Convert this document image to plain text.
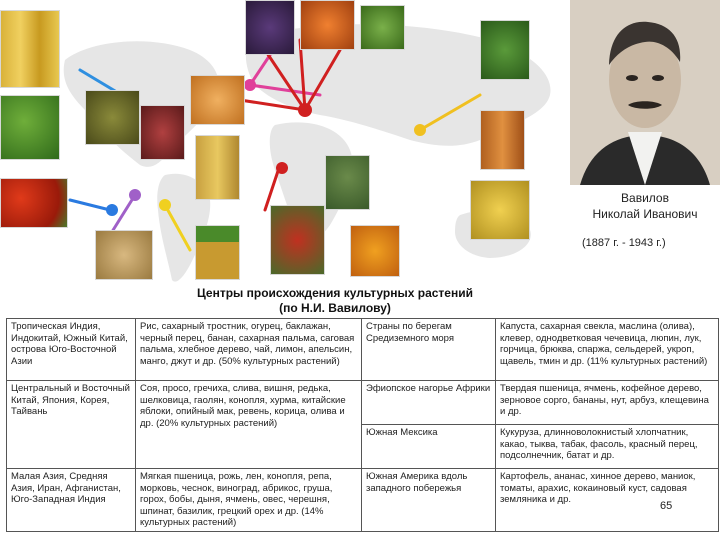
Вавилов
Николай Иванович
(1887 г. - 1943 г.)
Центры происхождения культурных растений
(по Н.И. Вавилову)
Тропическая Индия, Индокитай, Южный Китай, острова Юго-Восточной Азии	Рис, сахарный тростник, огурец, баклажан, черный перец, банан, сахарная пальма, саговая пальма, хлебное дерево, чай, лимон, апельсин, манго, джут и др. (50% культурных растений)	Страны по берегам Средиземного моря	Капуста, сахарная свекла, маслина (олива), клевер, однодветковая чечевица, люпин, лук, горчица, брюква, спаржа, сельдерей, укроп, щавель, тмин и др. (11% культурных растений)
Центральный и Восточный Китай, Япония, Корея, Тайвань	Соя, просо, гречиха, слива, вишня, редька, шелковица, гаолян, конопля, хурма, китайские яблоки, опийный мак, ревень, корица, олива и др. (20% культурных растений)	Эфиопское нагорье Африки	Твердая пшеница, ячмень, кофейное дерево, зерновое сорго, бананы, нут, арбуз, клещевина и др.
		Южная Мексика	Кукуруза, длинноволокнистый хлопчатник, какао, тыква, табак, фасоль, красный перец, подсолнечник, батат и др.
Малая Азия, Средняя Азия, Иран, Афганистан, Юго-Западная Индия	Мягкая пшеница, рожь, лен, конопля, репа, морковь, чеснок, виноград, абрикос, груша, горох, бобы, дыня, ячмень, овес, черешня, шпинат, базилик, грецкий орех и др. (14% культурных растений)	Южная Америка вдоль западного побережья	Картофель, ананас, хинное дерево, маниок, томаты, арахис, кокаиновый куст, садовая земляника и др.
65
